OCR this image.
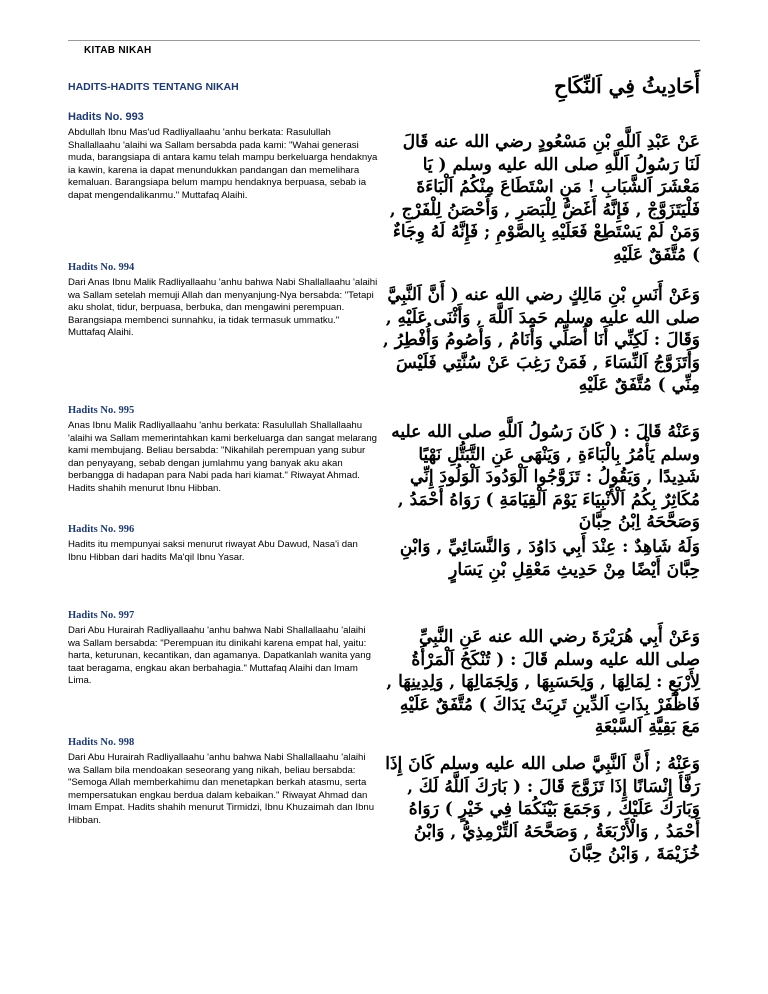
KITAB NIKAH
HADITS-HADITS TENTANG NIKAH	أَحَادِيثُ فِي اَلنِّكَاحِ
Hadits No. 993
Abdullah Ibnu Mas'ud Radliyallaahu 'anhu berkata: Rasulullah Shallallaahu 'alaihi wa Sallam bersabda pada kami: "Wahai generasi muda, barangsiapa di antara kamu telah mampu berkeluarga hendaknya ia kawin, karena ia dapat menundukkan pandangan dan memelihara kemaluan. Barangsiapa belum mampu hendaknya berpuasa, sebab ia dapat mengendalikanmu." Muttafaq Alaihi.
عَنْ عَبْدِ اَللَّهِ بْنِ مَسْعُودٍ رضي الله عنه قَالَ لَنَا رَسُولُ اَللَّهِ صلى الله عليه وسلم ( يَا مَعْشَرَ اَلشَّبَابِ ! مَنِ اسْتَطَاعَ مِنْكُمُ اَلْبَاءَةَ فَلْيَتَزَوَّجْ , فَإِنَّهُ أَغَضُّ لِلْبَصَرِ , وَأَحْصَنُ لِلْفَرْجِ , وَمَنْ لَمْ يَسْتَطِعْ فَعَلَيْهِ بِالصَّوْمِ ; فَإِنَّهُ لَهُ وِجَاءٌ ) مُتَّفَقٌ عَلَيْهِ
Hadits No. 994
Dari Anas Ibnu Malik Radliyallaahu 'anhu bahwa Nabi Shallallaahu 'alaihi wa Sallam setelah memuji Allah dan menyanjung-Nya bersabda: "Tetapi aku sholat, tidur, berpuasa, berbuka, dan mengawini perempuan. Barangsiapa membenci sunnahku, ia tidak termasuk ummatku." Muttafaq Alaihi.
وَعَنْ أَنَسِ بْنِ مَالِكٍ رضي الله عنه ( أَنَّ اَلنَّبِيَّ صلى الله عليه وسلم حَمِدَ اَللَّهَ , وَأَثْنَى عَلَيْهِ , وَقَالَ : لَكِنِّي أَنَا أُصَلِّي وَأَنَامُ , وَأَصُومُ وَأُفْطِرُ , وَأَتَزَوَّجُ اَلنِّسَاءَ , فَمَنْ رَغِبَ عَنْ سُنَّتِي فَلَيْسَ مِنِّي ) مُتَّفَقٌ عَلَيْهِ
Hadits No. 995
Anas Ibnu Malik Radliyallaahu 'anhu berkata: Rasulullah Shallallaahu 'alaihi wa Sallam memerintahkan kami berkeluarga dan sangat melarang kami membujang. Beliau bersabda: "Nikahilah perempuan yang subur dan penyayang, sebab dengan jumlahmu yang banyak aku akan berbangga di hadapan para Nabi pada hari kiamat." Riwayat Ahmad. Hadits shahih menurut Ibnu Hibban.
وَعَنْهُ قَالَ : ( كَانَ رَسُولُ اَللَّهِ صلى الله عليه وسلم يَأْمُرُ بِالْبَاءَةِ , وَيَنْهَى عَنِ التَّبَتُّلِ نَهْيًا شَدِيدًا , وَيَقُولُ : تَزَوَّجُوا اَلْوَدُودَ اَلْوَلُودَ إِنِّي مُكَاثِرٌ بِكُمُ اَلْأَنْبِيَاءَ يَوْمَ اَلْقِيَامَةِ ) رَوَاهُ أَحْمَدُ , وَصَحَّحَهُ اِبْنُ حِبَّانَ
Hadits No. 996
Hadits itu mempunyai saksi menurut riwayat Abu Dawud, Nasa'i dan Ibnu Hibban dari hadits Ma'qil Ibnu Yasar.
وَلَهُ شَاهِدٌ : عِنْدَ أَبِي دَاوُدَ , وَالنَّسَائِيِّ , وَابْنِ حِبَّانَ أَيْضًا مِنْ حَدِيثِ مَعْقِلِ بْنِ يَسَارٍ
Hadits No. 997
Dari Abu Hurairah Radliyallaahu 'anhu bahwa Nabi Shallallaahu 'alaihi wa Sallam bersabda: "Perempuan itu dinikahi karena empat hal, yaitu: harta, keturunan, kecantikan, dan agamanya. Dapatkanlah wanita yang taat beragama, engkau akan berbahagia." Muttafaq Alaihi dan Imam Lima.
وَعَنْ أَبِي هُرَيْرَةَ رضي الله عنه عَنِ النَّبِيِّ صلى الله عليه وسلم قَالَ : ( تُنْكَحُ اَلْمَرْأَةُ لِأَرْبَعٍ : لِمَالِهَا , وَلِحَسَبِهَا , وَلِجَمَالِهَا , وَلِدِينِهَا , فَاظْفَرْ بِذَاتِ اَلدِّينِ تَرِبَتْ يَدَاكَ ) مُتَّفَقٌ عَلَيْهِ مَعَ بَقِيَّةِ اَلسَّبْعَةِ
Hadits No. 998
Dari Abu Hurairah Radliyallaahu 'anhu bahwa Nabi Shallallaahu 'alaihi wa Sallam bila mendoakan seseorang yang nikah, beliau bersabda: "Semoga Allah memberkahimu dan menetapkan berkah atasmu, serta mempersatukan engkau berdua dalam kebaikan." Riwayat Ahmad dan Imam Empat. Hadits shahih menurut Tirmidzi, Ibnu Khuzaimah dan Ibnu Hibban.
وَعَنْهُ ; أَنَّ اَلنَّبِيَّ صلى الله عليه وسلم كَانَ إِذَا رَفَّأَ إِنْسَانًا إِذَا تَزَوَّجَ قَالَ : ( بَارَكَ اَللَّهُ لَكَ , وَبَارَكَ عَلَيْكَ , وَجَمَعَ بَيْنَكُمَا فِي خَيْرٍ ) رَوَاهُ أَحْمَدُ , وَالْأَرْبَعَةُ , وَصَحَّحَهُ اَلتِّرْمِذِيُّ , وَابْنُ خُزَيْمَةَ , وَابْنُ حِبَّانَ
